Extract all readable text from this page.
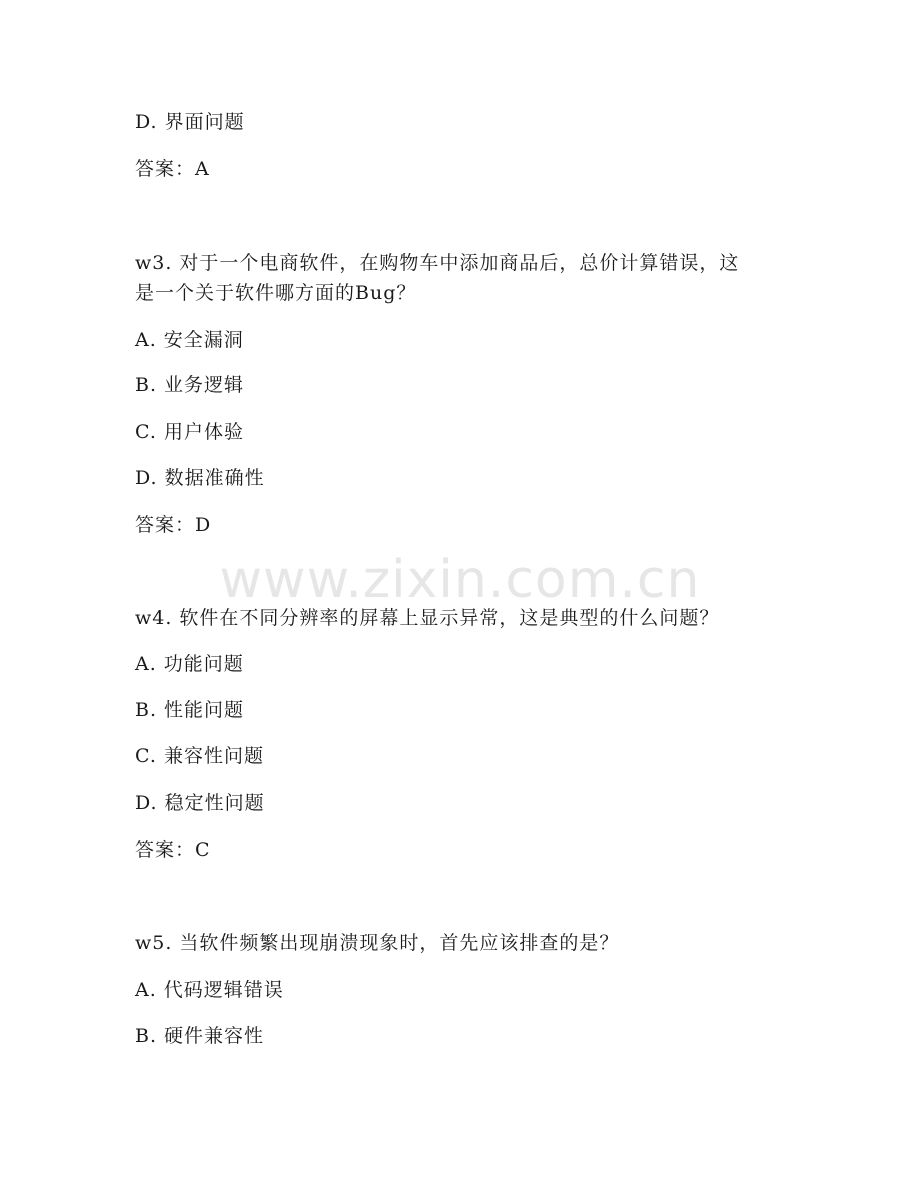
www.zixin.com.cn
D. 界面问题
答案：A
w3. 对于一个电商软件，在购物车中添加商品后，总价计算错误，这
是一个关于软件哪方面的Bug？
A. 安全漏洞
B. 业务逻辑
C. 用户体验
D. 数据准确性
答案：D
w4. 软件在不同分辨率的屏幕上显示异常，这是典型的什么问题？
A. 功能问题
B. 性能问题
C. 兼容性问题
D. 稳定性问题
答案：C
w5. 当软件频繁出现崩溃现象时，首先应该排查的是？
A. 代码逻辑错误
B. 硬件兼容性
